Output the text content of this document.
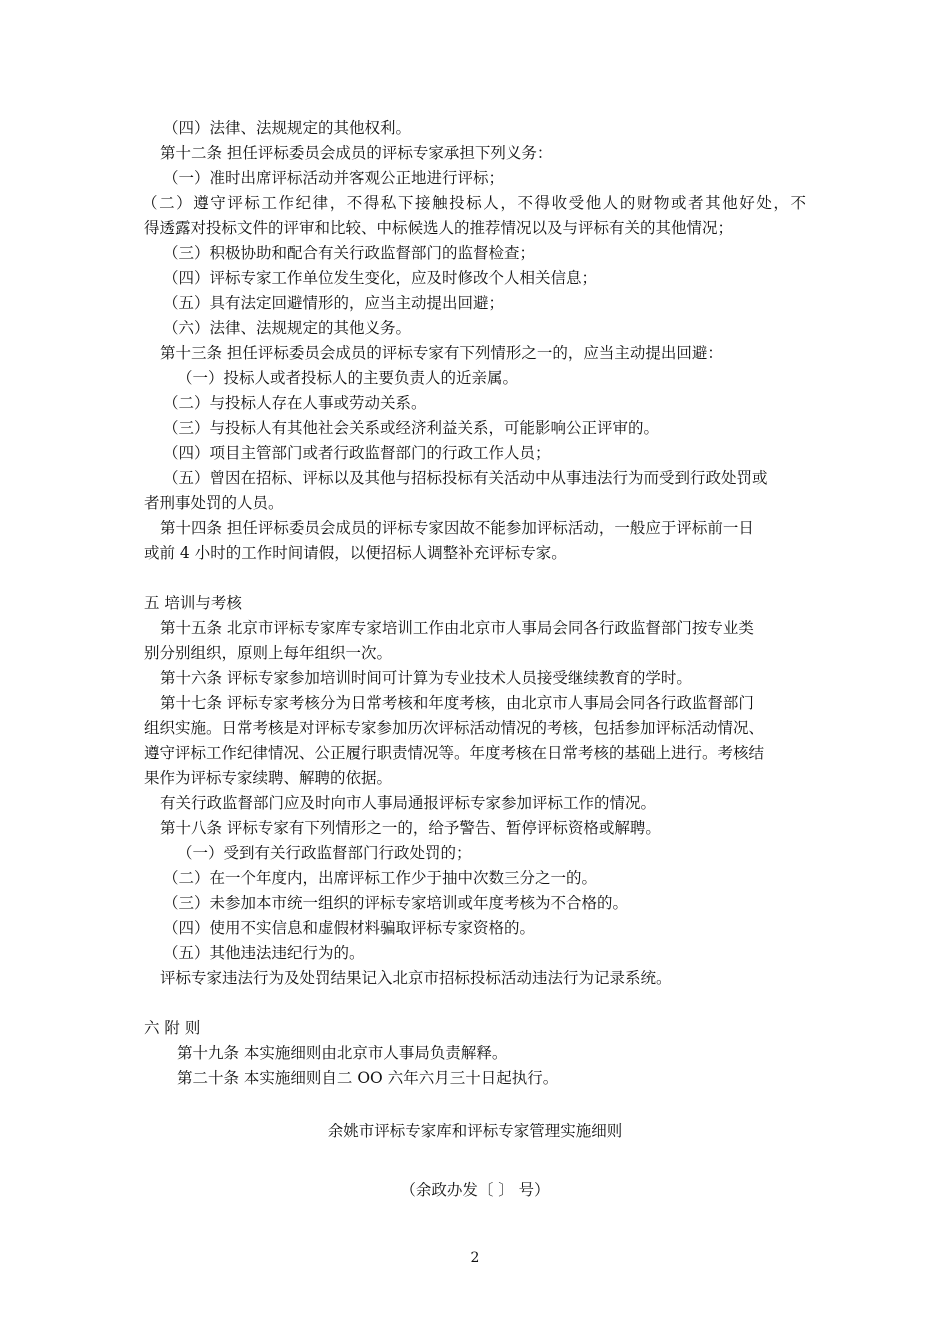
（四）法律、法规规定的其他权利。
第十二条 担任评标委员会成员的评标专家承担下列义务：
（一）准时出席评标活动并客观公正地进行评标；
（二）遵守评标工作纪律，不得私下接触投标人，不得收受他人的财物或者其他好处，不
得透露对投标文件的评审和比较、中标候选人的推荐情况以及与评标有关的其他情况；
（三）积极协助和配合有关行政监督部门的监督检查；
（四）评标专家工作单位发生变化，应及时修改个人相关信息；
（五）具有法定回避情形的，应当主动提出回避；
（六）法律、法规规定的其他义务。
第十三条 担任评标委员会成员的评标专家有下列情形之一的，应当主动提出回避：
（一）投标人或者投标人的主要负责人的近亲属。
（二）与投标人存在人事或劳动关系。
（三）与投标人有其他社会关系或经济利益关系，可能影响公正评审的。
（四）项目主管部门或者行政监督部门的行政工作人员；
（五）曾因在招标、评标以及其他与招标投标有关活动中从事违法行为而受到行政处罚或
者刑事处罚的人员。
第十四条 担任评标委员会成员的评标专家因故不能参加评标活动，一般应于评标前一日
或前 4 小时的工作时间请假，以便招标人调整补充评标专家。
五 培训与考核
第十五条 北京市评标专家库专家培训工作由北京市人事局会同各行政监督部门按专业类
别分别组织，原则上每年组织一次。
第十六条 评标专家参加培训时间可计算为专业技术人员接受继续教育的学时。
第十七条 评标专家考核分为日常考核和年度考核，由北京市人事局会同各行政监督部门
组织实施。日常考核是对评标专家参加历次评标活动情况的考核，包括参加评标活动情况、
遵守评标工作纪律情况、公正履行职责情况等。年度考核在日常考核的基础上进行。考核结
果作为评标专家续聘、解聘的依据。
有关行政监督部门应及时向市人事局通报评标专家参加评标工作的情况。
第十八条 评标专家有下列情形之一的，给予警告、暂停评标资格或解聘。
（一）受到有关行政监督部门行政处罚的；
（二）在一个年度内，出席评标工作少于抽中次数三分之一的。
（三）未参加本市统一组织的评标专家培训或年度考核为不合格的。
（四）使用不实信息和虚假材料骗取评标专家资格的。
（五）其他违法违纪行为的。
评标专家违法行为及处罚结果记入北京市招标投标活动违法行为记录系统。
六 附 则
第十九条 本实施细则由北京市人事局负责解释。
第二十条 本实施细则自二 OO 六年六月三十日起执行。
余姚市评标专家库和评标专家管理实施细则
（余政办发〔 〕 号）
2
